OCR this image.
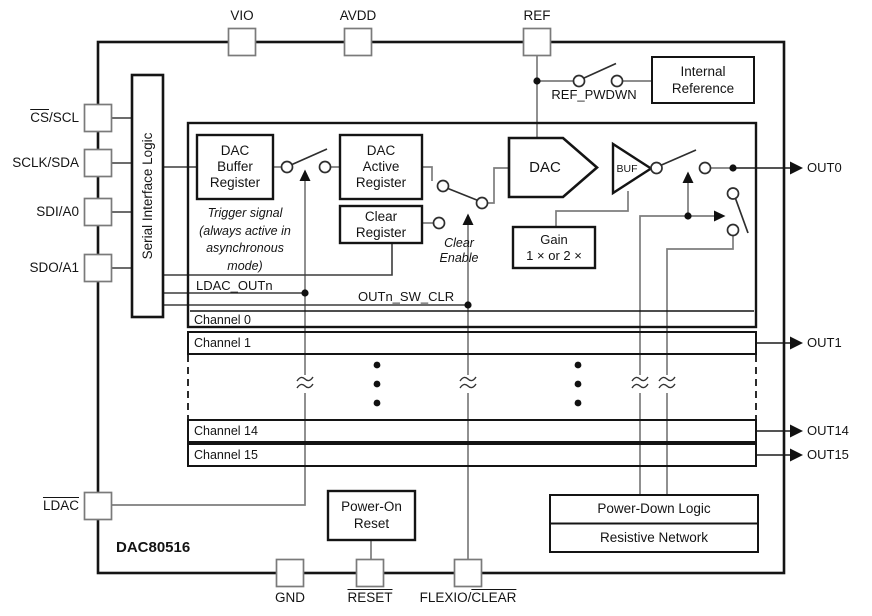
VIO	AVDD	REF
$\overline{CS}$/SCL
SCLK/SDA
SDI/A0
SDO/A1
LDAC
GND	RESET	FLEXIO/CLEAR
OUT0
OUT1
OUT14
OUT15
Serial Interface Logic	DAC
Buffer
Register
DAC
Active
Register
Clear
Register
DAC	BUF
Gain
1 × or 2 ×
Internal
Reference
Power-On
Reset
Power-Down Logic
Resistive Network
Channel 0
Channel 1
Channel 14
Channel 15
REF_PWDWN
LDAC_OUTn
OUTn_SW_CLR
Clear
Enable
Trigger signal
(always active in
asynchronous
mode)
DAC80516
